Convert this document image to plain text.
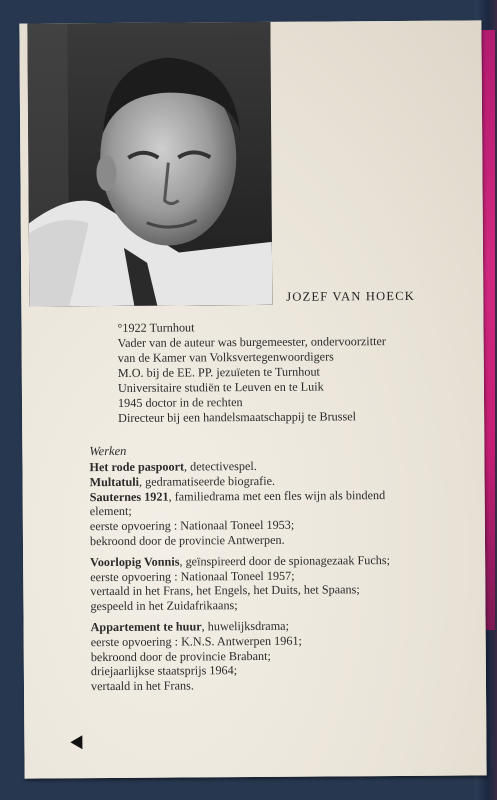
JOZEF VAN HOECK
°1922 Turnhout
Vader van de auteur was burgemeester, ondervoorzitter
van de Kamer van Volksvertegenwoordigers
M.O. bij de EE. PP. jezuïeten te Turnhout
Universitaire studiën te Leuven en te Luik
1945 doctor in de rechten
Directeur bij een handelsmaatschappij te Brussel
Werken
Het rode paspoort, detectivespel.
Multatuli, gedramatiseerde biografie.
Sauternes 1921, familiedrama met een fles wijn als bindend
element;
eerste opvoering : Nationaal Toneel 1953;
bekroond door de provincie Antwerpen.
Voorlopig Vonnis, geïnspireerd door de spionagezaak Fuchs;
eerste opvoering : Nationaal Toneel 1957;
vertaald in het Frans, het Engels, het Duits, het Spaans;
gespeeld in het Zuidafrikaans;
Appartement te huur, huwelijksdrama;
eerste opvoering : K.N.S. Antwerpen 1961;
bekroond door de provincie Brabant;
driejaarlijkse staatsprijs 1964;
vertaald in het Frans.
